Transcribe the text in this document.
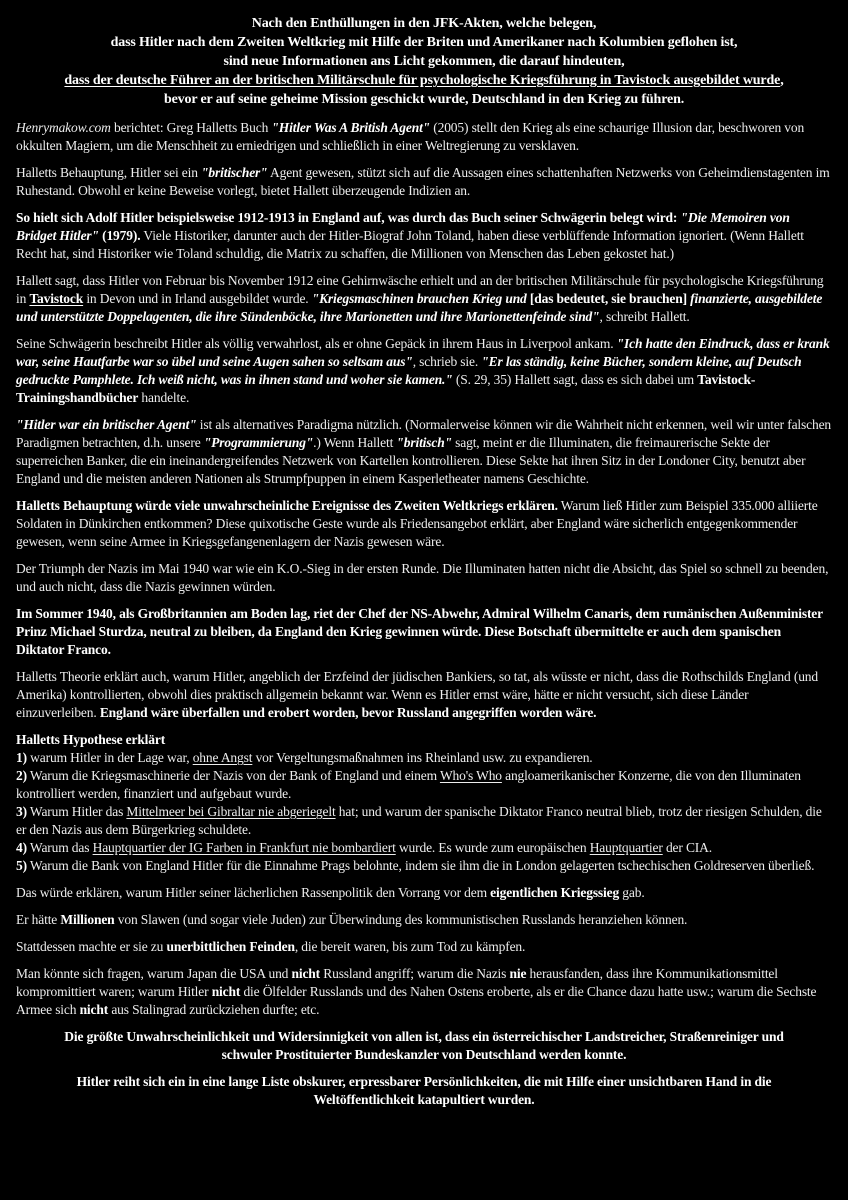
Nach den Enthüllungen in den JFK-Akten, welche belegen,
dass Hitler nach dem Zweiten Weltkrieg mit Hilfe der Briten und Amerikaner nach Kolumbien geflohen ist,
sind neue Informationen ans Licht gekommen, die darauf hindeuten,
dass der deutsche Führer an der britischen Militärschule für psychologische Kriegsführung in Tavistock ausgebildet wurde,
bevor er auf seine geheime Mission geschickt wurde, Deutschland in den Krieg zu führen.

Henrymakow.com berichtet: Greg Halletts Buch "Hitler Was A British Agent" (2005) stellt den Krieg als eine schaurige Illusion dar, beschworen von okkulten Magiern, um die Menschheit zu erniedrigen und schließlich in einer Weltregierung zu versklaven.

Halletts Behauptung, Hitler sei ein "britischer" Agent gewesen, stützt sich auf die Aussagen eines schattenhaften Netzwerks von Geheimdienstagenten im Ruhestand. Obwohl er keine Beweise vorlegt, bietet Hallett überzeugende Indizien an.

So hielt sich Adolf Hitler beispielsweise 1912-1913 in England auf, was durch das Buch seiner Schwägerin belegt wird: "Die Memoiren von Bridget Hitler" (1979). Viele Historiker, darunter auch der Hitler-Biograf John Toland, haben diese verblüffende Information ignoriert. (Wenn Hallett Recht hat, sind Historiker wie Toland schuldig, die Matrix zu schaffen, die Millionen von Menschen das Leben gekostet hat.)

Hallett sagt, dass Hitler von Februar bis November 1912 eine Gehirnwäsche erhielt und an der britischen Militärschule für psychologische Kriegsführung in Tavistock in Devon und in Irland ausgebildet wurde. "Kriegsmaschinen brauchen Krieg und [das bedeutet, sie brauchen] finanzierte, ausgebildete und unterstützte Doppelagenten, die ihre Sündenböcke, ihre Marionetten und ihre Marionettenfeinde sind", schreibt Hallett.

Seine Schwägerin beschreibt Hitler als völlig verwahrlost, als er ohne Gepäck in ihrem Haus in Liverpool ankam. "Ich hatte den Eindruck, dass er krank war, seine Hautfarbe war so übel und seine Augen sahen so seltsam aus", schrieb sie. "Er las ständig, keine Bücher, sondern kleine, auf Deutsch gedruckte Pamphlete. Ich weiß nicht, was in ihnen stand und woher sie kamen." (S. 29, 35) Hallett sagt, dass es sich dabei um Tavistock-Trainingshandbücher handelte.

"Hitler war ein britischer Agent" ist als alternatives Paradigma nützlich. (Normalerweise können wir die Wahrheit nicht erkennen, weil wir unter falschen Paradigmen betrachten, d.h. unsere "Programmierung".) Wenn Hallett "britisch" sagt, meint er die Illuminaten, die freimaurerische Sekte der superreichen Banker, die ein ineinandergreifendes Netzwerk von Kartellen kontrollieren. Diese Sekte hat ihren Sitz in der Londoner City, benutzt aber England und die meisten anderen Nationen als Strumpfpuppen in einem Kasperletheater namens Geschichte.

Halletts Behauptung würde viele unwahrscheinliche Ereignisse des Zweiten Weltkriegs erklären. Warum ließ Hitler zum Beispiel 335.000 alliierte Soldaten in Dünkirchen entkommen? Diese quixotische Geste wurde als Friedensangebot erklärt, aber England wäre sicherlich entgegenkommender gewesen, wenn seine Armee in Kriegsgefangenenlagern der Nazis gewesen wäre.

Der Triumph der Nazis im Mai 1940 war wie ein K.O.-Sieg in der ersten Runde. Die Illuminaten hatten nicht die Absicht, das Spiel so schnell zu beenden, und auch nicht, dass die Nazis gewinnen würden.

Im Sommer 1940, als Großbritannien am Boden lag, riet der Chef der NS-Abwehr, Admiral Wilhelm Canaris, dem rumänischen Außenminister Prinz Michael Sturdza, neutral zu bleiben, da England den Krieg gewinnen würde. Diese Botschaft übermittelte er auch dem spanischen Diktator Franco.

Halletts Theorie erklärt auch, warum Hitler, angeblich der Erzfeind der jüdischen Bankiers, so tat, als wüsste er nicht, dass die Rothschilds England (und Amerika) kontrollierten, obwohl dies praktisch allgemein bekannt war. Wenn es Hitler ernst wäre, hätte er nicht versucht, sich diese Länder einzuverleiben. England wäre überfallen und erobert worden, bevor Russland angegriffen worden wäre.

Halletts Hypothese erklärt
1) warum Hitler in der Lage war, ohne Angst vor Vergeltungsmaßnahmen ins Rheinland usw. zu expandieren.
2) Warum die Kriegsmaschinerie der Nazis von der Bank of England und einem Who's Who angloamerikanischer Konzerne, die von den Illuminaten kontrolliert werden, finanziert und aufgebaut wurde.
3) Warum Hitler das Mittelmeer bei Gibraltar nie abgeriegelt hat; und warum der spanische Diktator Franco neutral blieb, trotz der riesigen Schulden, die er den Nazis aus dem Bürgerkrieg schuldete.
4) Warum das Hauptquartier der IG Farben in Frankfurt nie bombardiert wurde. Es wurde zum europäischen Hauptquartier der CIA.
5) Warum die Bank von England Hitler für die Einnahme Prags belohnte, indem sie ihm die in London gelagerten tschechischen Goldreserven überließ.

Das würde erklären, warum Hitler seiner lächerlichen Rassenpolitik den Vorrang vor dem eigentlichen Kriegssieg gab.

Er hätte Millionen von Slawen (und sogar viele Juden) zur Überwindung des kommunistischen Russlands heranziehen können.

Stattdessen machte er sie zu unerbittlichen Feinden, die bereit waren, bis zum Tod zu kämpfen.

Man könnte sich fragen, warum Japan die USA und nicht Russland angriff; warum die Nazis nie herausfanden, dass ihre Kommunikationsmittel kompromittiert waren; warum Hitler nicht die Ölfelder Russlands und des Nahen Ostens eroberte, als er die Chance dazu hatte usw.; warum die Sechste Armee sich nicht aus Stalingrad zurückziehen durfte; etc.

Die größte Unwahrscheinlichkeit und Widersinnigkeit von allen ist, dass ein österreichischer Landstreicher, Straßenreiniger und schwuler Prostituierter Bundeskanzler von Deutschland werden konnte.

Hitler reiht sich ein in eine lange Liste obskurer, erpressbarer Persönlichkeiten, die mit Hilfe einer unsichtbaren Hand in die Weltöffentlichkeit katapultiert wurden.
